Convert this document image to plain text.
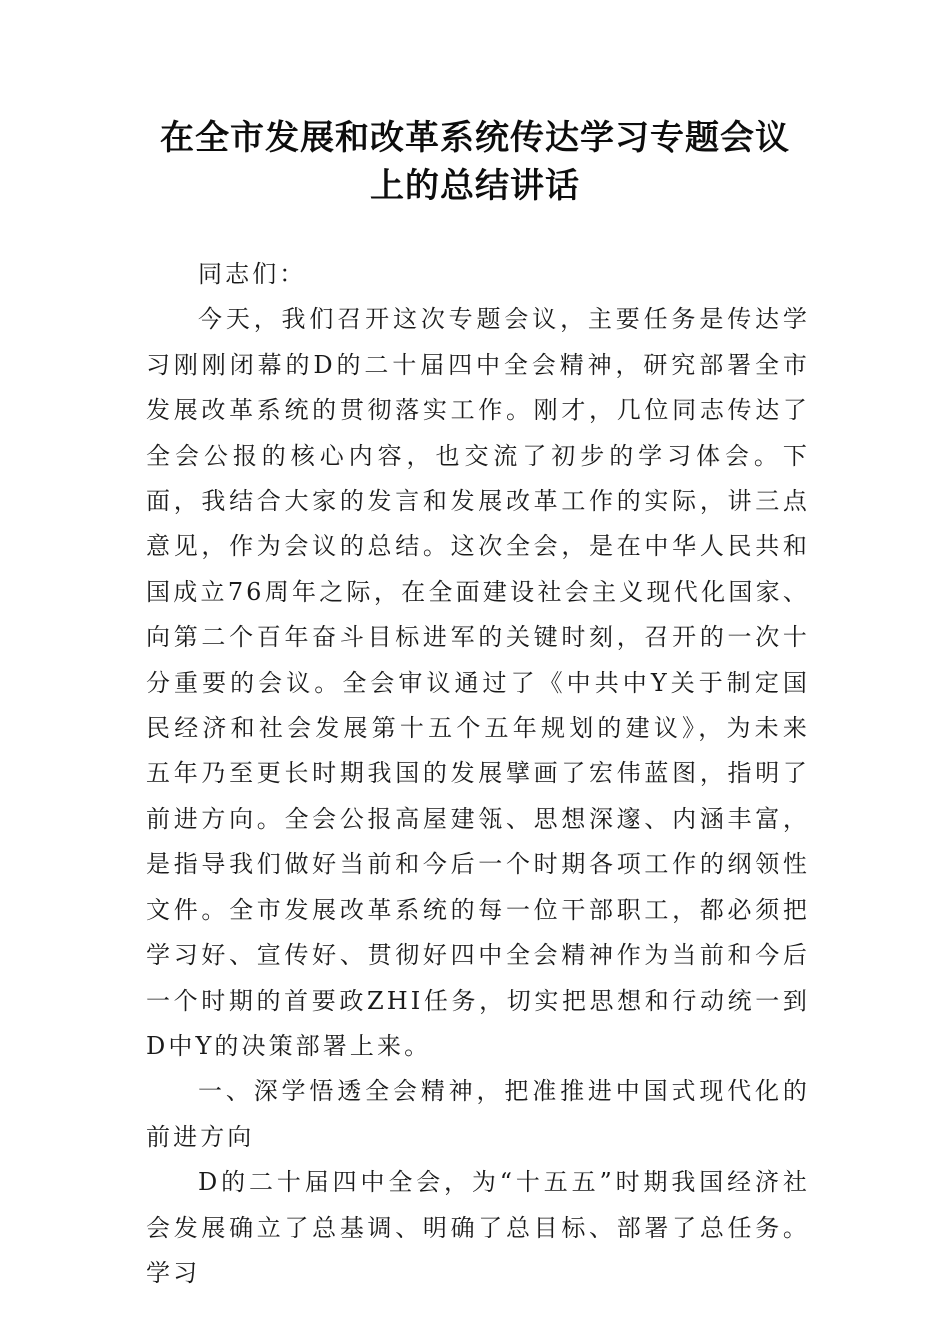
在全市发展和改革系统传达学习专题会议
上的总结讲话

同志们：

今天，我们召开这次专题会议，主要任务是传达学习刚刚闭幕的D的二十届四中全会精神，研究部署全市发展改革系统的贯彻落实工作。刚才，几位同志传达了全会公报的核心内容，也交流了初步的学习体会。下面，我结合大家的发言和发展改革工作的实际，讲三点意见，作为会议的总结。这次全会，是在中华人民共和国成立76周年之际，在全面建设社会主义现代化国家、向第二个百年奋斗目标进军的关键时刻，召开的一次十分重要的会议。全会审议通过了《中共中Y关于制定国民经济和社会发展第十五个五年规划的建议》，为未来五年乃至更长时期我国的发展擘画了宏伟蓝图，指明了前进方向。全会公报高屋建瓴、思想深邃、内涵丰富，是指导我们做好当前和今后一个时期各项工作的纲领性文件。全市发展改革系统的每一位干部职工，都必须把学习好、宣传好、贯彻好四中全会精神作为当前和今后一个时期的首要政ZHI任务，切实把思想和行动统一到D中Y的决策部署上来。

一、深学悟透全会精神，把准推进中国式现代化的前进方向

D的二十届四中全会，为“十五五”时期我国经济社会发展确立了总基调、明确了总目标、部署了总任务。学习
